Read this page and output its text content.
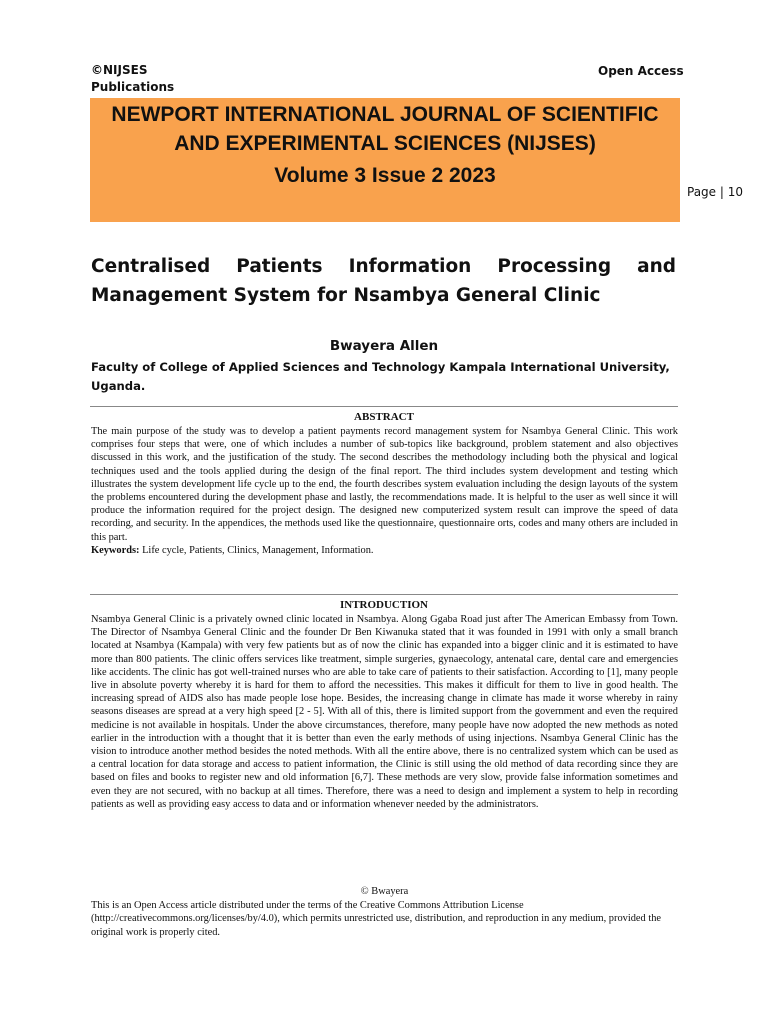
©NIJSES Publications
Open Access
NEWPORT INTERNATIONAL JOURNAL OF SCIENTIFIC AND EXPERIMENTAL SCIENCES (NIJSES)
Volume 3 Issue 2 2023
Page | 10
Centralised Patients Information Processing and Management System for Nsambya General Clinic
Bwayera Allen
Faculty of College of Applied Sciences and Technology Kampala International University, Uganda.
ABSTRACT
The main purpose of the study was to develop a patient payments record management system for Nsambya General Clinic. This work comprises four steps that were, one of which includes a number of sub-topics like background, problem statement and also objectives discussed in this work, and the justification of the study. The second describes the methodology including both the physical and logical techniques used and the tools applied during the design of the final report. The third includes system development and testing which illustrates the system development life cycle up to the end, the fourth describes system evaluation including the design layouts of the system the problems encountered during the development phase and lastly, the recommendations made. It is helpful to the user as well since it will produce the information required for the project design. The designed new computerized system result can improve the speed of data recording, and security. In the appendices, the methods used like the questionnaire, questionnaire orts, codes and many others are included in this part.
Keywords: Life cycle, Patients, Clinics, Management, Information.
INTRODUCTION
Nsambya General Clinic is a privately owned clinic located in Nsambya. Along Ggaba Road just after The American Embassy from Town. The Director of Nsambya General Clinic and the founder Dr Ben Kiwanuka stated that it was founded in 1991 with only a small branch located at Nsambya (Kampala) with very few patients but as of now the clinic has expanded into a bigger clinic and it is estimated to have more than 800 patients. The clinic offers services like treatment, simple surgeries, gynaecology, antenatal care, dental care and emergencies like accidents. The clinic has got well-trained nurses who are able to take care of patients to their satisfaction. According to [1], many people live in absolute poverty whereby it is hard for them to afford the necessities. This makes it difficult for them to live in good health. The increasing spread of AIDS also has made people lose hope. Besides, the increasing change in climate has made it worse whereby in rainy seasons diseases are spread at a very high speed [2 - 5]. With all of this, there is limited support from the government and even the required medicine is not available in hospitals. Under the above circumstances, therefore, many people have now adopted the new methods as noted earlier in the introduction with a thought that it is better than even the early methods of using injections. Nsambya General Clinic has the vision to introduce another method besides the noted methods. With all the entire above, there is no centralized system which can be used as a central location for data storage and access to patient information, the Clinic is still using the old method of data recording since they are based on files and books to register new and old information [6,7]. These methods are very slow, provide false information sometimes and even they are not secured, with no backup at all times. Therefore, there was a need to design and implement a system to help in recording patients as well as providing easy access to data and or information whenever needed by the administrators.
© Bwayera
This is an Open Access article distributed under the terms of the Creative Commons Attribution License (http://creativecommons.org/licenses/by/4.0), which permits unrestricted use, distribution, and reproduction in any medium, provided the original work is properly cited.
